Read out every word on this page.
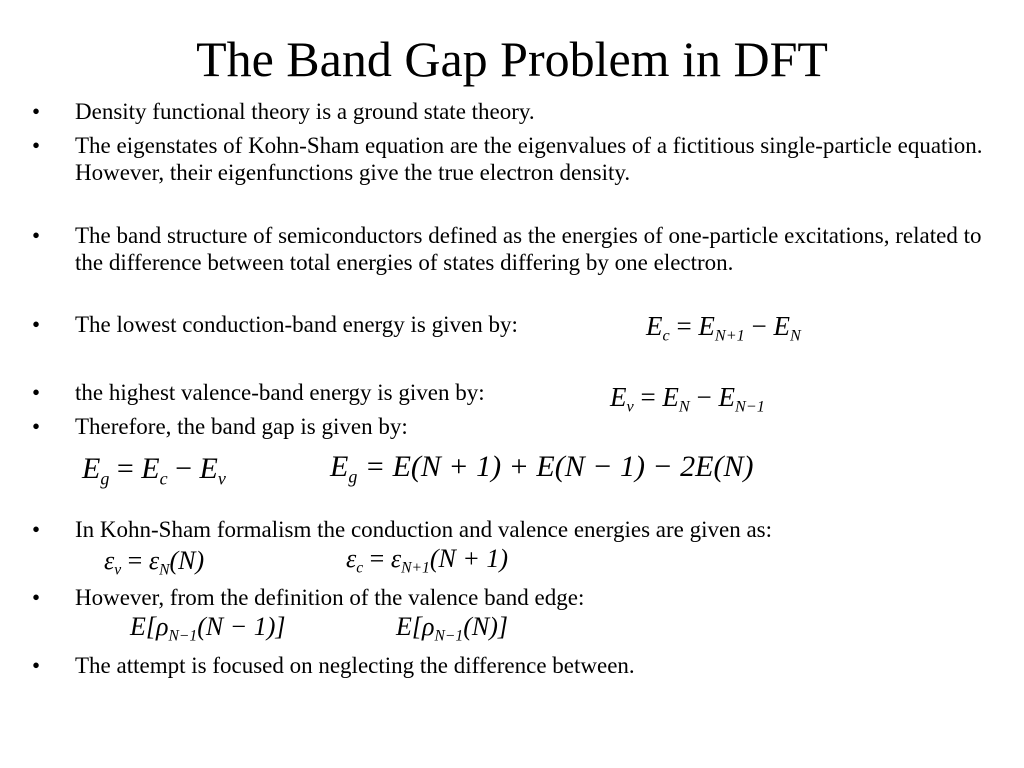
The Band Gap Problem in DFT
•	Density functional theory is a ground state theory.
•	The eigenstates of Kohn-Sham equation are the eigenvalues of a fictitious single-particle equation. However, their eigenfunctions give the true electron density.
•	The band structure of semiconductors defined as the energies of one-particle excitations, related to the difference between total energies of states differing by one electron.
•	The lowest conduction-band energy is given by:	$E_c = E_{N+1} - E_N$
•	the highest valence-band energy is given by:	$E_v = E_N - E_{N-1}$
•	Therefore, the band gap is given by:
$E_g = E_c - E_v$	$E_g = E(N + 1) + E(N - 1) - 2E(N)$
•	In Kohn-Sham formalism the conduction and valence energies are given as:
$\varepsilon_v = \varepsilon_N(N)$	$\varepsilon_c = \varepsilon_{N+1}(N + 1)$
•	However, from the definition of the valence band edge:
$E[\rho_{N-1}(N - 1)]$	$E[\rho_{N-1}(N)]$
•	The attempt is focused on neglecting the difference between.
